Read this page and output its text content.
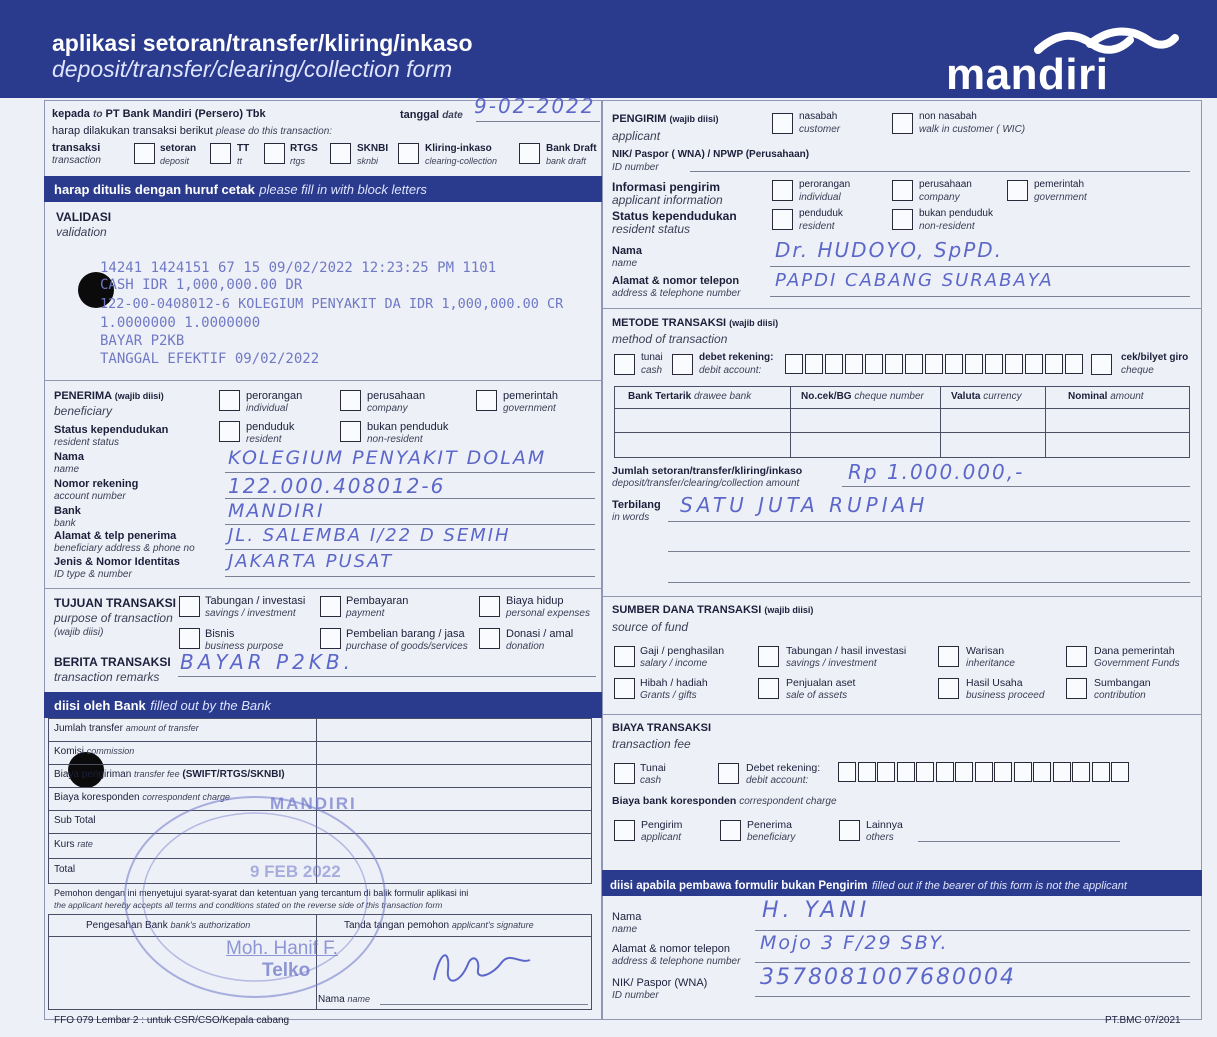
aplikasi setoran/transfer/kliring/inkaso
deposit/transfer/clearing/collection form	mandiri
kepada to PT Bank Mandiri (Persero) Tbk	tanggal date 9-02-2022
harap dilakukan transaksi berikut please do this transaction:
transaksi
transaction
setoran
deposit
TT
tt
RTGS
rtgs
SKNBI
sknbi
Kliring-inkaso
clearing-collection
Bank Draft
bank draft
harap ditulis dengan huruf cetak please fill in with block letters
VALIDASI
validation
14241 1424151 67 15 09/02/2022 12:23:25 PM 1101
CASH IDR 1,000,000.00 DR
122-00-0408012-6 KOLEGIUM PENYAKIT DA IDR 1,000,000.00 CR
1.0000000 1.0000000
BAYAR P2KB
TANGGAL EFEKTIF 09/02/2022
PENERIMA (wajib diisi)
beneficiary
perorangan
individual
perusahaan
company
pemerintah
government
Status kependudukan
resident status
penduduk
resident
bukan penduduk
non-resident
Nama
name
KOLEGIUM PENYAKIT DOLAM
Nomor rekening
account number	122.000.408012-6
Bank
bank
MANDIRI
Alamat & telp penerima
beneficiary address & phone no
JL. SALEMBA I/22 D SEMIH
Jenis & Nomor Identitas
ID type & number
JAKARTA PUSAT
TUJUAN TRANSAKSI
purpose of transaction
(wajib diisi)
Tabungan / investasi
savings / investment
Pembayaran
payment
Biaya hidup
personal expenses
Bisnis
business purpose
Pembelian barang / jasa
purchase of goods/services
Donasi / amal
donation
BERITA TRANSAKSI
transaction remarks
BAYAR P2KB.
diisi oleh Bank filled out by the Bank
Jumlah transfer amount of transfer
Komisi commission
Biaya pengiriman transfer fee (SWIFT/RTGS/SKNBI)
Biaya koresponden correspondent charge
Sub Total
Kurs rate
Total
Pemohon dengan ini menyetujui syarat-syarat dan ketentuan yang tercantum di balik formulir aplikasi ini
the applicant hereby accepts all terms and conditions stated on the reverse side of this transaction form
Pengesahan Bank bank's authorization	Tanda tangan pemohon applicant's signature
Nama name
MANDIRI
9 FEB 2022
Moh. Hanif F.
Telko
FFO 079 Lembar 2 : untuk CSR/CSO/Kepala cabang	PT.BMC 07/2021
PENGIRIM (wajib diisi)
applicant
nasabah
customer
non nasabah
walk in customer ( WIC)
NIK/ Paspor ( WNA) / NPWP (Perusahaan)
ID number
Informasi pengirim
applicant information
perorangan
individual
perusahaan
company
pemerintah
government
Status kependudukan
resident status
penduduk
resident
bukan penduduk
non-resident
Nama
name
Dr. HUDOYO, SpPD.
Alamat & nomor telepon
address & telephone number
PAPDI CABANG SURABAYA
METODE TRANSAKSI (wajib diisi)
method of transaction
tunai
cash
debet rekening:
debit account:
cek/bilyet giro
cheque
Bank Tertarik drawee bank	No.cek/BG cheque number	Valuta currency	Nominal amount
Jumlah setoran/transfer/kliring/inkaso
deposit/transfer/clearing/collection amount Rp 1.000.000,-
Terbilang
in words
SATU JUTA RUPIAH
SUMBER DANA TRANSAKSI (wajib diisi)
source of fund
Gaji / penghasilan
salary / income
Tabungan / hasil investasi
savings / investment
Warisan
inheritance
Dana pemerintah
Government Funds
Hibah / hadiah
Grants / gifts
Penjualan aset
sale of assets
Hasil Usaha
business proceed
Sumbangan
contribution
BIAYA TRANSAKSI
transaction fee
Tunai
cash
Debet rekening:
debit account:
Biaya bank koresponden correspondent charge
Pengirim
applicant
Penerima
beneficiary
Lainnya
others
diisi apabila pembawa formulir bukan Pengirim filled out if the bearer of this form is not the applicant
Nama
name
H. YANI
Alamat & nomor telepon
address & telephone number
Mojo 3 F/29 SBY.
NIK/ Paspor (WNA)
ID number
3578081007680004
